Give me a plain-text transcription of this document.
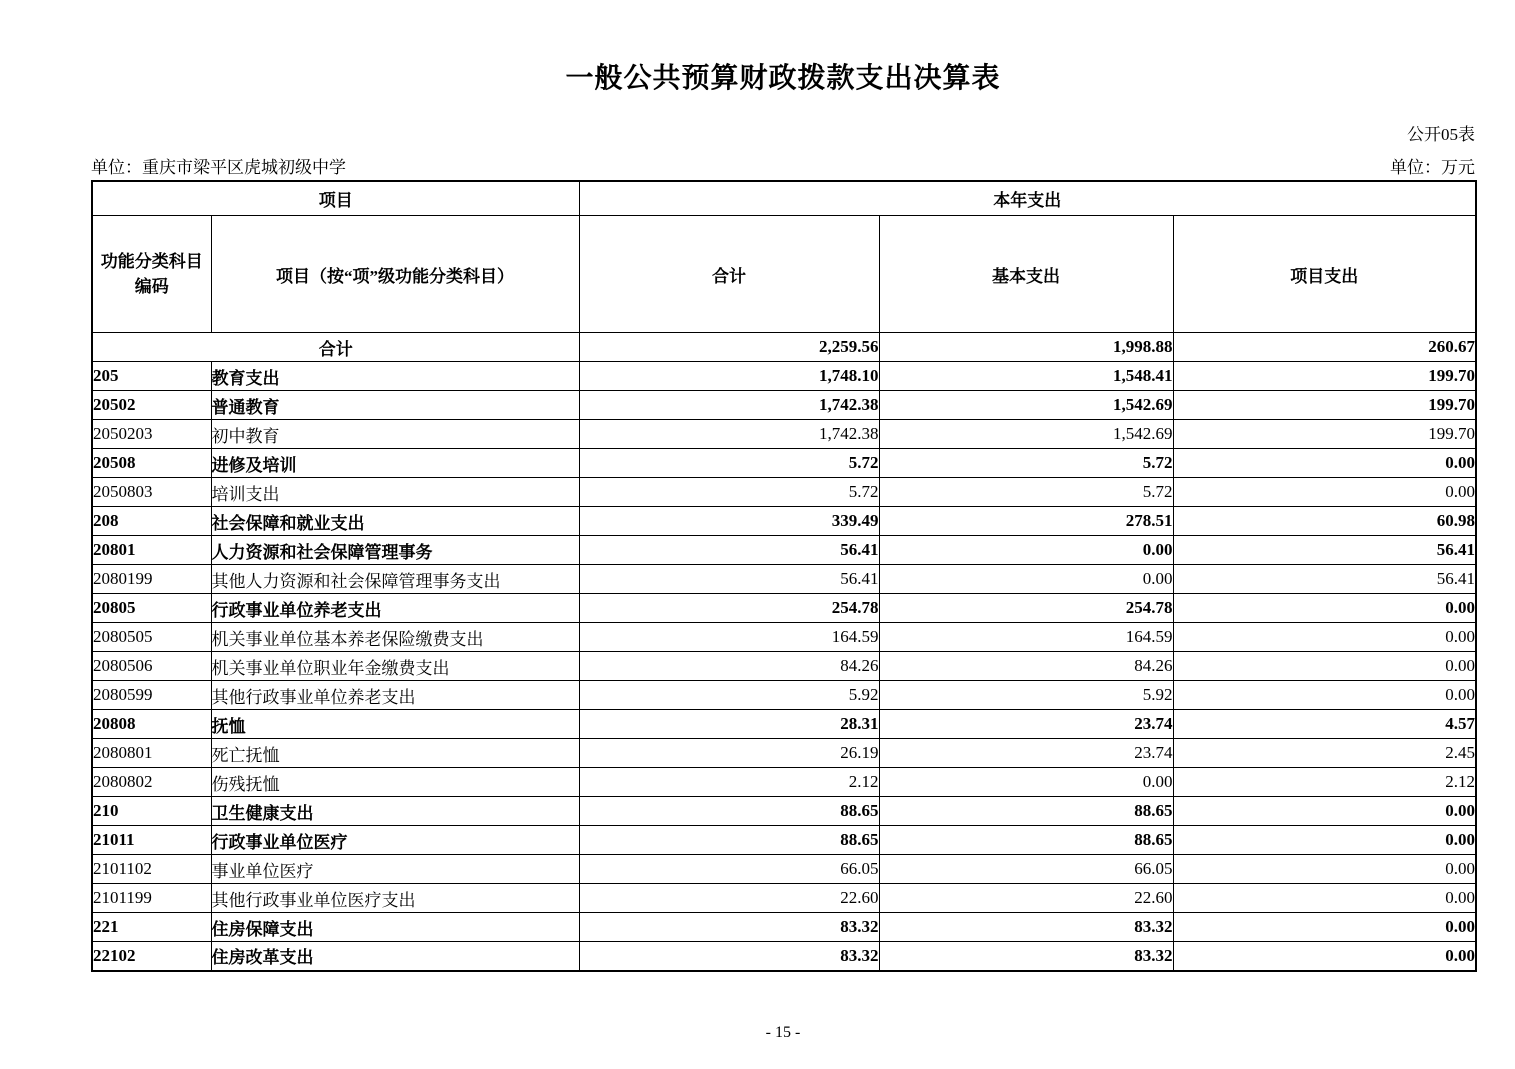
一般公共预算财政拨款支出决算表
公开05表
单位：重庆市梁平区虎城初级中学	单位：万元
项目		本年支出		

功能分类科目
编码	项目（按“项”级功能分类科目）	合计	基本支出	项目支出
合计		2,259.56	1,998.88	260.67
205	教育支出	1,748.10	1,548.41	199.70
20502	普通教育	1,742.38	1,542.69	199.70
2050203	初中教育	1,742.38	1,542.69	199.70
20508	进修及培训	5.72	5.72	0.00
2050803	培训支出	5.72	5.72	0.00
208	社会保障和就业支出	339.49	278.51	60.98
20801	人力资源和社会保障管理事务	56.41	0.00	56.41
2080199	其他人力资源和社会保障管理事务支出	56.41	0.00	56.41
20805	行政事业单位养老支出	254.78	254.78	0.00
2080505	机关事业单位基本养老保险缴费支出	164.59	164.59	0.00
2080506	机关事业单位职业年金缴费支出	84.26	84.26	0.00
2080599	其他行政事业单位养老支出	5.92	5.92	0.00
20808	抚恤	28.31	23.74	4.57
2080801	死亡抚恤	26.19	23.74	2.45
2080802	伤残抚恤	2.12	0.00	2.12
210	卫生健康支出	88.65	88.65	0.00
21011	行政事业单位医疗	88.65	88.65	0.00
2101102	事业单位医疗	66.05	66.05	0.00
2101199	其他行政事业单位医疗支出	22.60	22.60	0.00
221	住房保障支出	83.32	83.32	0.00
22102	住房改革支出	83.32	83.32	0.00
- 15 -
